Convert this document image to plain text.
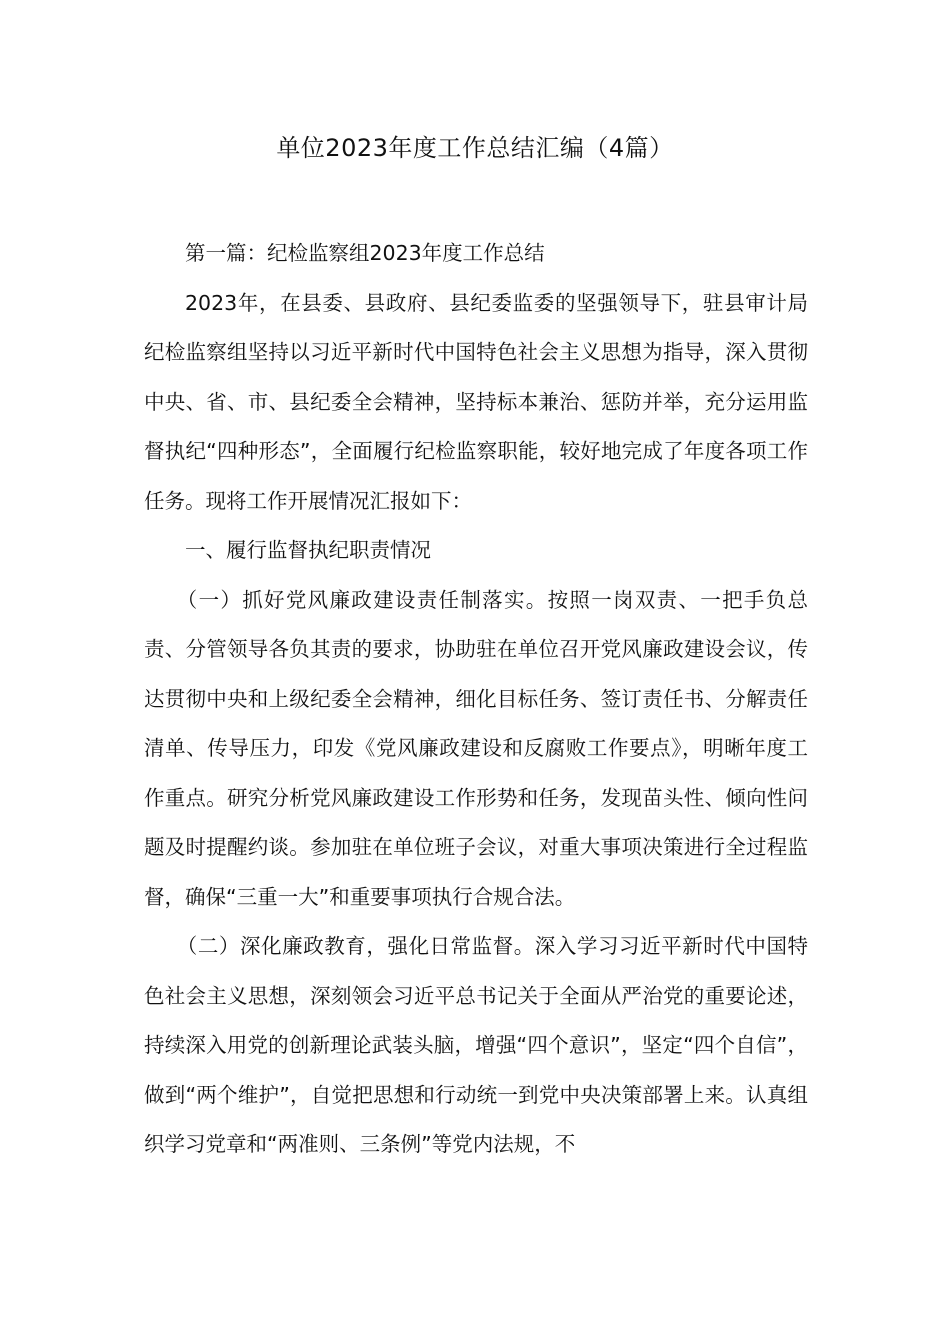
单位2023年度工作总结汇编（4篇）

第一篇：纪检监察组2023年度工作总结

2023年，在县委、县政府、县纪委监委的坚强领导下，驻县审计局纪检监察组坚持以习近平新时代中国特色社会主义思想为指导，深入贯彻中央、省、市、县纪委全会精神，坚持标本兼治、惩防并举，充分运用监督执纪“四种形态”，全面履行纪检监察职能，较好地完成了年度各项工作任务。现将工作开展情况汇报如下：

一、履行监督执纪职责情况

（一）抓好党风廉政建设责任制落实。按照一岗双责、一把手负总责、分管领导各负其责的要求，协助驻在单位召开党风廉政建设会议，传达贯彻中央和上级纪委全会精神，细化目标任务、签订责任书、分解责任清单、传导压力，印发《党风廉政建设和反腐败工作要点》，明晰年度工作重点。研究分析党风廉政建设工作形势和任务，发现苗头性、倾向性问题及时提醒约谈。参加驻在单位班子会议，对重大事项决策进行全过程监督，确保“三重一大”和重要事项执行合规合法。

（二）深化廉政教育，强化日常监督。深入学习习近平新时代中国特色社会主义思想，深刻领会习近平总书记关于全面从严治党的重要论述，持续深入用党的创新理论武装头脑，增强“四个意识”，坚定“四个自信”，做到“两个维护”，自觉把思想和行动统一到党中央决策部署上来。认真组织学习党章和“两准则、三条例”等党内法规，不
